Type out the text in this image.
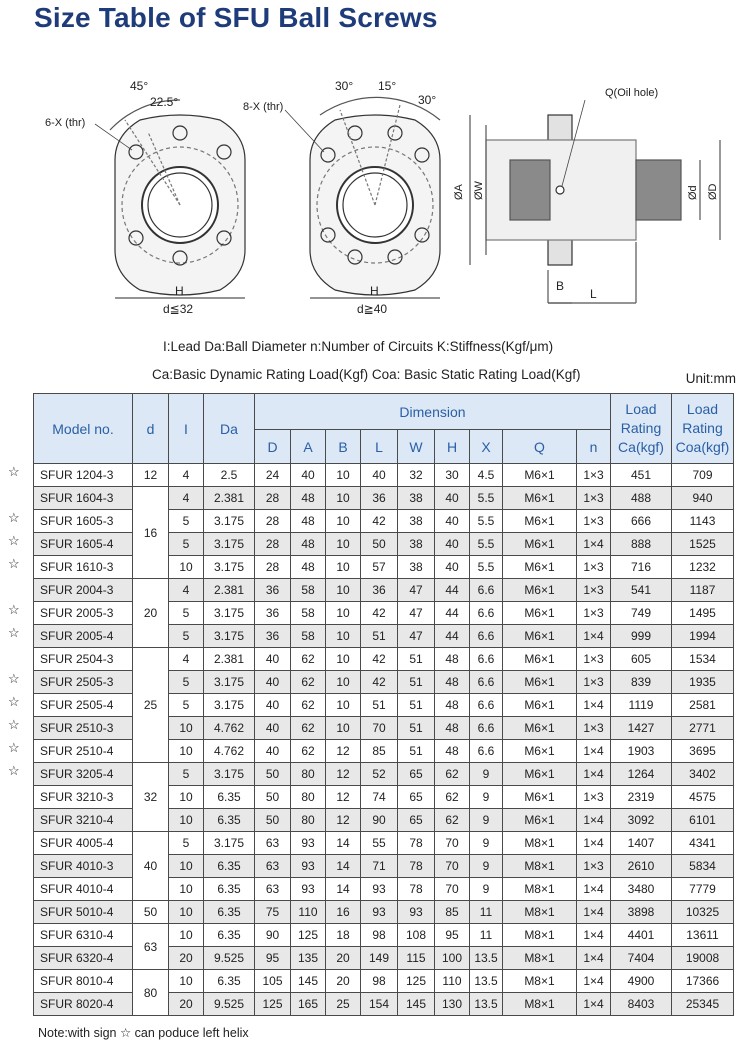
Size Table of SFU Ball Screws
45°
22.5°
6-X (thr)
H
d≦32
30° 15°
30°
8-X (thr)
H
d≧40
Q(Oil hole)
ØA ØW	Ød ØD
B
L
I:Lead Da:Ball Diameter n:Number of Circuits K:Stiffness(Kgf/μm)
Ca:Basic Dynamic Rating Load(Kgf) Coa: Basic Static Rating Load(Kgf)	Unit:mm
☆
☆
☆
☆
☆
☆
☆
☆
☆
☆
☆
Model no.	d	I	Da	Dimension									Load Rating Ca(kgf)	Load Rating Coa(kgf)
				D	A	B	L	W	H	X	Q	n		
SFUR 1204-3	12	4	2.5	24	40	10	40	32	30	4.5	M6×1	1×3	451	709
SFUR 1604-3	16	4	2.381	28	48	10	36	38	40	5.5	M6×1	1×3	488	940
SFUR 1605-3		5	3.175	28	48	10	42	38	40	5.5	M6×1	1×3	666	1143
SFUR 1605-4		5	3.175	28	48	10	50	38	40	5.5	M6×1	1×4	888	1525
SFUR 1610-3		10	3.175	28	48	10	57	38	40	5.5	M6×1	1×3	716	1232
SFUR 2004-3	20	4	2.381	36	58	10	36	47	44	6.6	M6×1	1×3	541	1187
SFUR 2005-3		5	3.175	36	58	10	42	47	44	6.6	M6×1	1×3	749	1495
SFUR 2005-4		5	3.175	36	58	10	51	47	44	6.6	M6×1	1×4	999	1994
SFUR 2504-3	25	4	2.381	40	62	10	42	51	48	6.6	M6×1	1×3	605	1534
SFUR 2505-3		5	3.175	40	62	10	42	51	48	6.6	M6×1	1×3	839	1935
SFUR 2505-4		5	3.175	40	62	10	51	51	48	6.6	M6×1	1×4	1119	2581
SFUR 2510-3		10	4.762	40	62	10	70	51	48	6.6	M6×1	1×3	1427	2771
SFUR 2510-4		10	4.762	40	62	12	85	51	48	6.6	M6×1	1×4	1903	3695
SFUR 3205-4	32	5	3.175	50	80	12	52	65	62	9	M6×1	1×4	1264	3402
SFUR 3210-3		10	6.35	50	80	12	74	65	62	9	M6×1	1×3	2319	4575
SFUR 3210-4		10	6.35	50	80	12	90	65	62	9	M6×1	1×4	3092	6101
SFUR 4005-4	40	5	3.175	63	93	14	55	78	70	9	M8×1	1×4	1407	4341
SFUR 4010-3		10	6.35	63	93	14	71	78	70	9	M8×1	1×3	2610	5834
SFUR 4010-4		10	6.35	63	93	14	93	78	70	9	M8×1	1×4	3480	7779
SFUR 5010-4	50	10	6.35	75	110	16	93	93	85	11	M8×1	1×4	3898	10325
SFUR 6310-4	63	10	6.35	90	125	18	98	108	95	11	M8×1	1×4	4401	13611
SFUR 6320-4		20	9.525	95	135	20	149	115	100	13.5	M8×1	1×4	7404	19008
SFUR 8010-4	80	10	6.35	105	145	20	98	125	110	13.5	M8×1	1×4	4900	17366
SFUR 8020-4		20	9.525	125	165	25	154	145	130	13.5	M8×1	1×4	8403	25345
Note:with sign ☆ can poduce left helix
